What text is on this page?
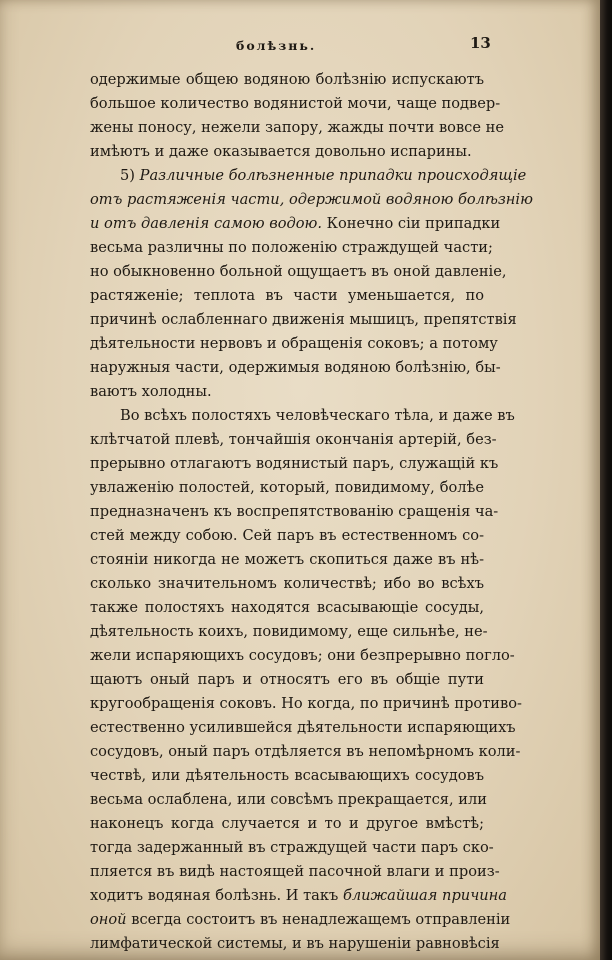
болѣзнь.	13
одержимые общею водяною болѣзнію испускаютъ
большое количество водянистой мочи, чаще подвер-
жены поносу, нежели запору, жажды почти вовсе не
имѣютъ и даже оказывается довольно испарины.
5) Различные болѣзненные припадки происходящіе
отъ растяженія части, одержимой водяною болѣзнію
и отъ давленія самою водою. Конечно сіи припадки
весьма различны по положенію страждущей части;
но обыкновенно больной ощущаетъ въ оной давленіе,
растяженіе; теплота въ части уменьшается, по
причинѣ ослабленнаго движенія мышицъ, препятствія
дѣятельности нервовъ и обращенія соковъ; а потому
наружныя части, одержимыя водяною болѣзнію, бы-
ваютъ холодны.
Во всѣхъ полостяхъ человѣческаго тѣла, и даже въ
клѣтчатой плевѣ, тончайшія окончанія артерій, без-
прерывно отлагаютъ водянистый паръ, служащій къ
увлаженію полостей, который, повидимому, болѣе
предназначенъ къ воспрепятствованію сращенія ча-
стей между собою. Сей паръ въ естественномъ со-
стояніи никогда не можетъ скопиться даже въ нѣ-
сколько значительномъ количествѣ; ибо во всѣхъ
также полостяхъ находятся всасывающіе сосуды,
дѣятельность коихъ, повидимому, еще сильнѣе, не-
жели испаряющихъ сосудовъ; они безпрерывно погло-
щаютъ оный паръ и относятъ его въ общіе пути
кругообращенія соковъ. Но когда, по причинѣ противо-
естественно усилившейся дѣятельности испаряющихъ
сосудовъ, оный паръ отдѣляется въ непомѣрномъ коли-
чествѣ, или дѣятельность всасывающихъ сосудовъ
весьма ослаблена, или совсѣмъ прекращается, или
наконецъ когда случается и то и другое вмѣстѣ;
тогда задержанный въ страждущей части паръ ско-
пляется въ видѣ настоящей пасочной влаги и произ-
ходитъ водяная болѣзнь. И такъ ближайшая причина
оной всегда состоитъ въ ненадлежащемъ отправленіи
лимфатической системы, и въ нарушеніи равновѣсія
